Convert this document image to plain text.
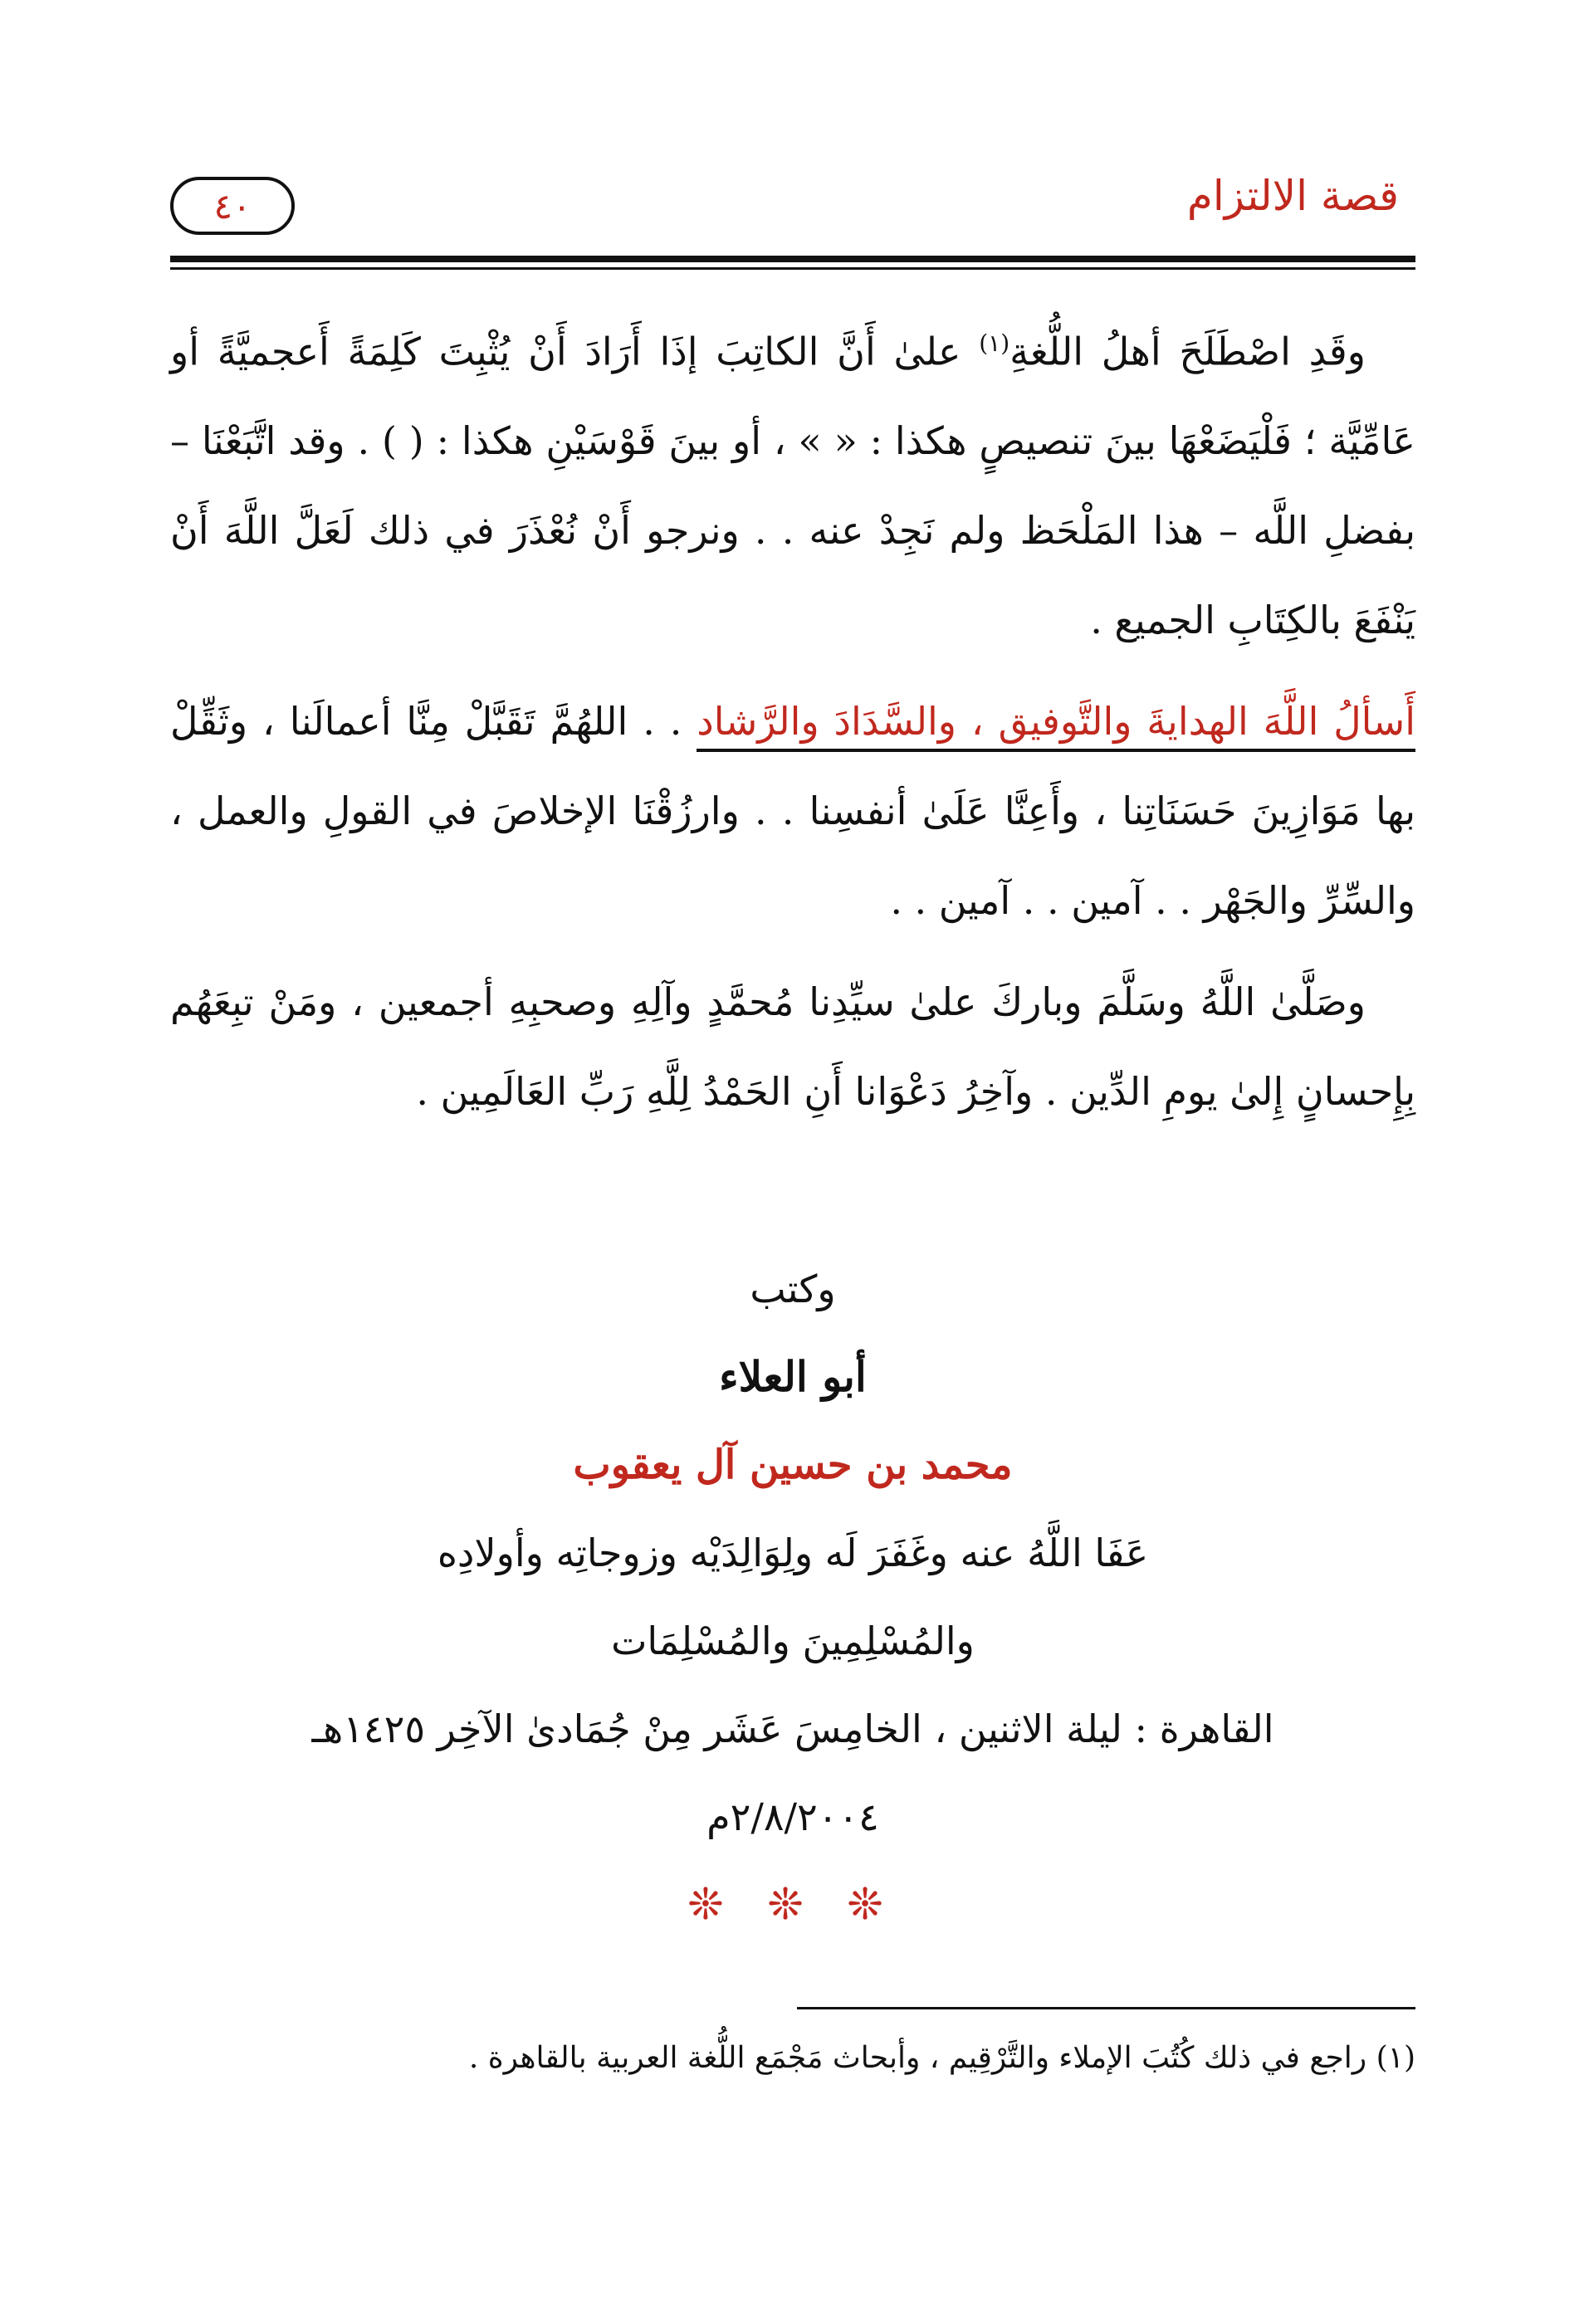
٤٠	قصة الالتزام

وقَدِ اصْطَلَحَ أهلُ اللُّغةِ$^{(١)}$ علىٰ أَنَّ الكاتِبَ إذَا أَرَادَ أَنْ يُثْبِتَ كَلِمَةً أَعجميَّةً أو عَامِّيَّة ؛ فَلْيَضَعْهَا بينَ تنصيصٍ هكذا : « » ، أو بينَ قَوْسَيْنِ هكذا : ( ) . وقد اتَّبَعْنَا – بفضلِ اللَّه – هذا المَلْحَظ ولم نَجِدْ عنه . . ونرجو أَنْ نُعْذَرَ في ذلك لَعَلَّ اللَّهَ أَنْ يَنْفَعَ بالكِتَابِ الجميع .

أَسألُ اللَّهَ الهدايةَ والتَّوفيق ، والسَّدَادَ والرَّشاد . . اللهُمَّ تَقَبَّلْ مِنَّا أعمالَنا ، وثَقِّلْ بها مَوَازِينَ حَسَنَاتِنا ، وأَعِنَّا عَلَىٰ أنفسِنا . . وارزُقْنَا الإخلاصَ في القولِ والعمل ، والسِّرِّ والجَهْر . . آمين . . آمين . .

وصَلَّىٰ اللَّهُ وسَلَّمَ وباركَ علىٰ سيِّدِنا مُحمَّدٍ وآلِهِ وصحبِهِ أجمعين ، ومَنْ تبِعَهُم بِإِحسانٍ إِلىٰ يومِ الدِّين . وآخِرُ دَعْوَانا أَنِ الحَمْدُ لِلَّهِ رَبِّ العَالَمِين .

وكتب
أبو العلاء
محمد بن حسين آل يعقوب
عَفَا اللَّهُ عنه وغَفَرَ لَه ولِوَالِدَيْه وزوجاتِه وأولادِه
والمُسْلِمِينَ والمُسْلِمَات
القاهرة : ليلة الاثنين ، الخامِسَ عَشَر مِنْ جُمَادىٰ الآخِر ١٤٢٥هـ
٢/٨/٢٠٠٤م
❊ ❊ ❊
(١) راجع في ذلك كُتُبَ الإملاء والتَّرْقِيم ، وأبحاث مَجْمَع اللُّغة العربية بالقاهرة .
